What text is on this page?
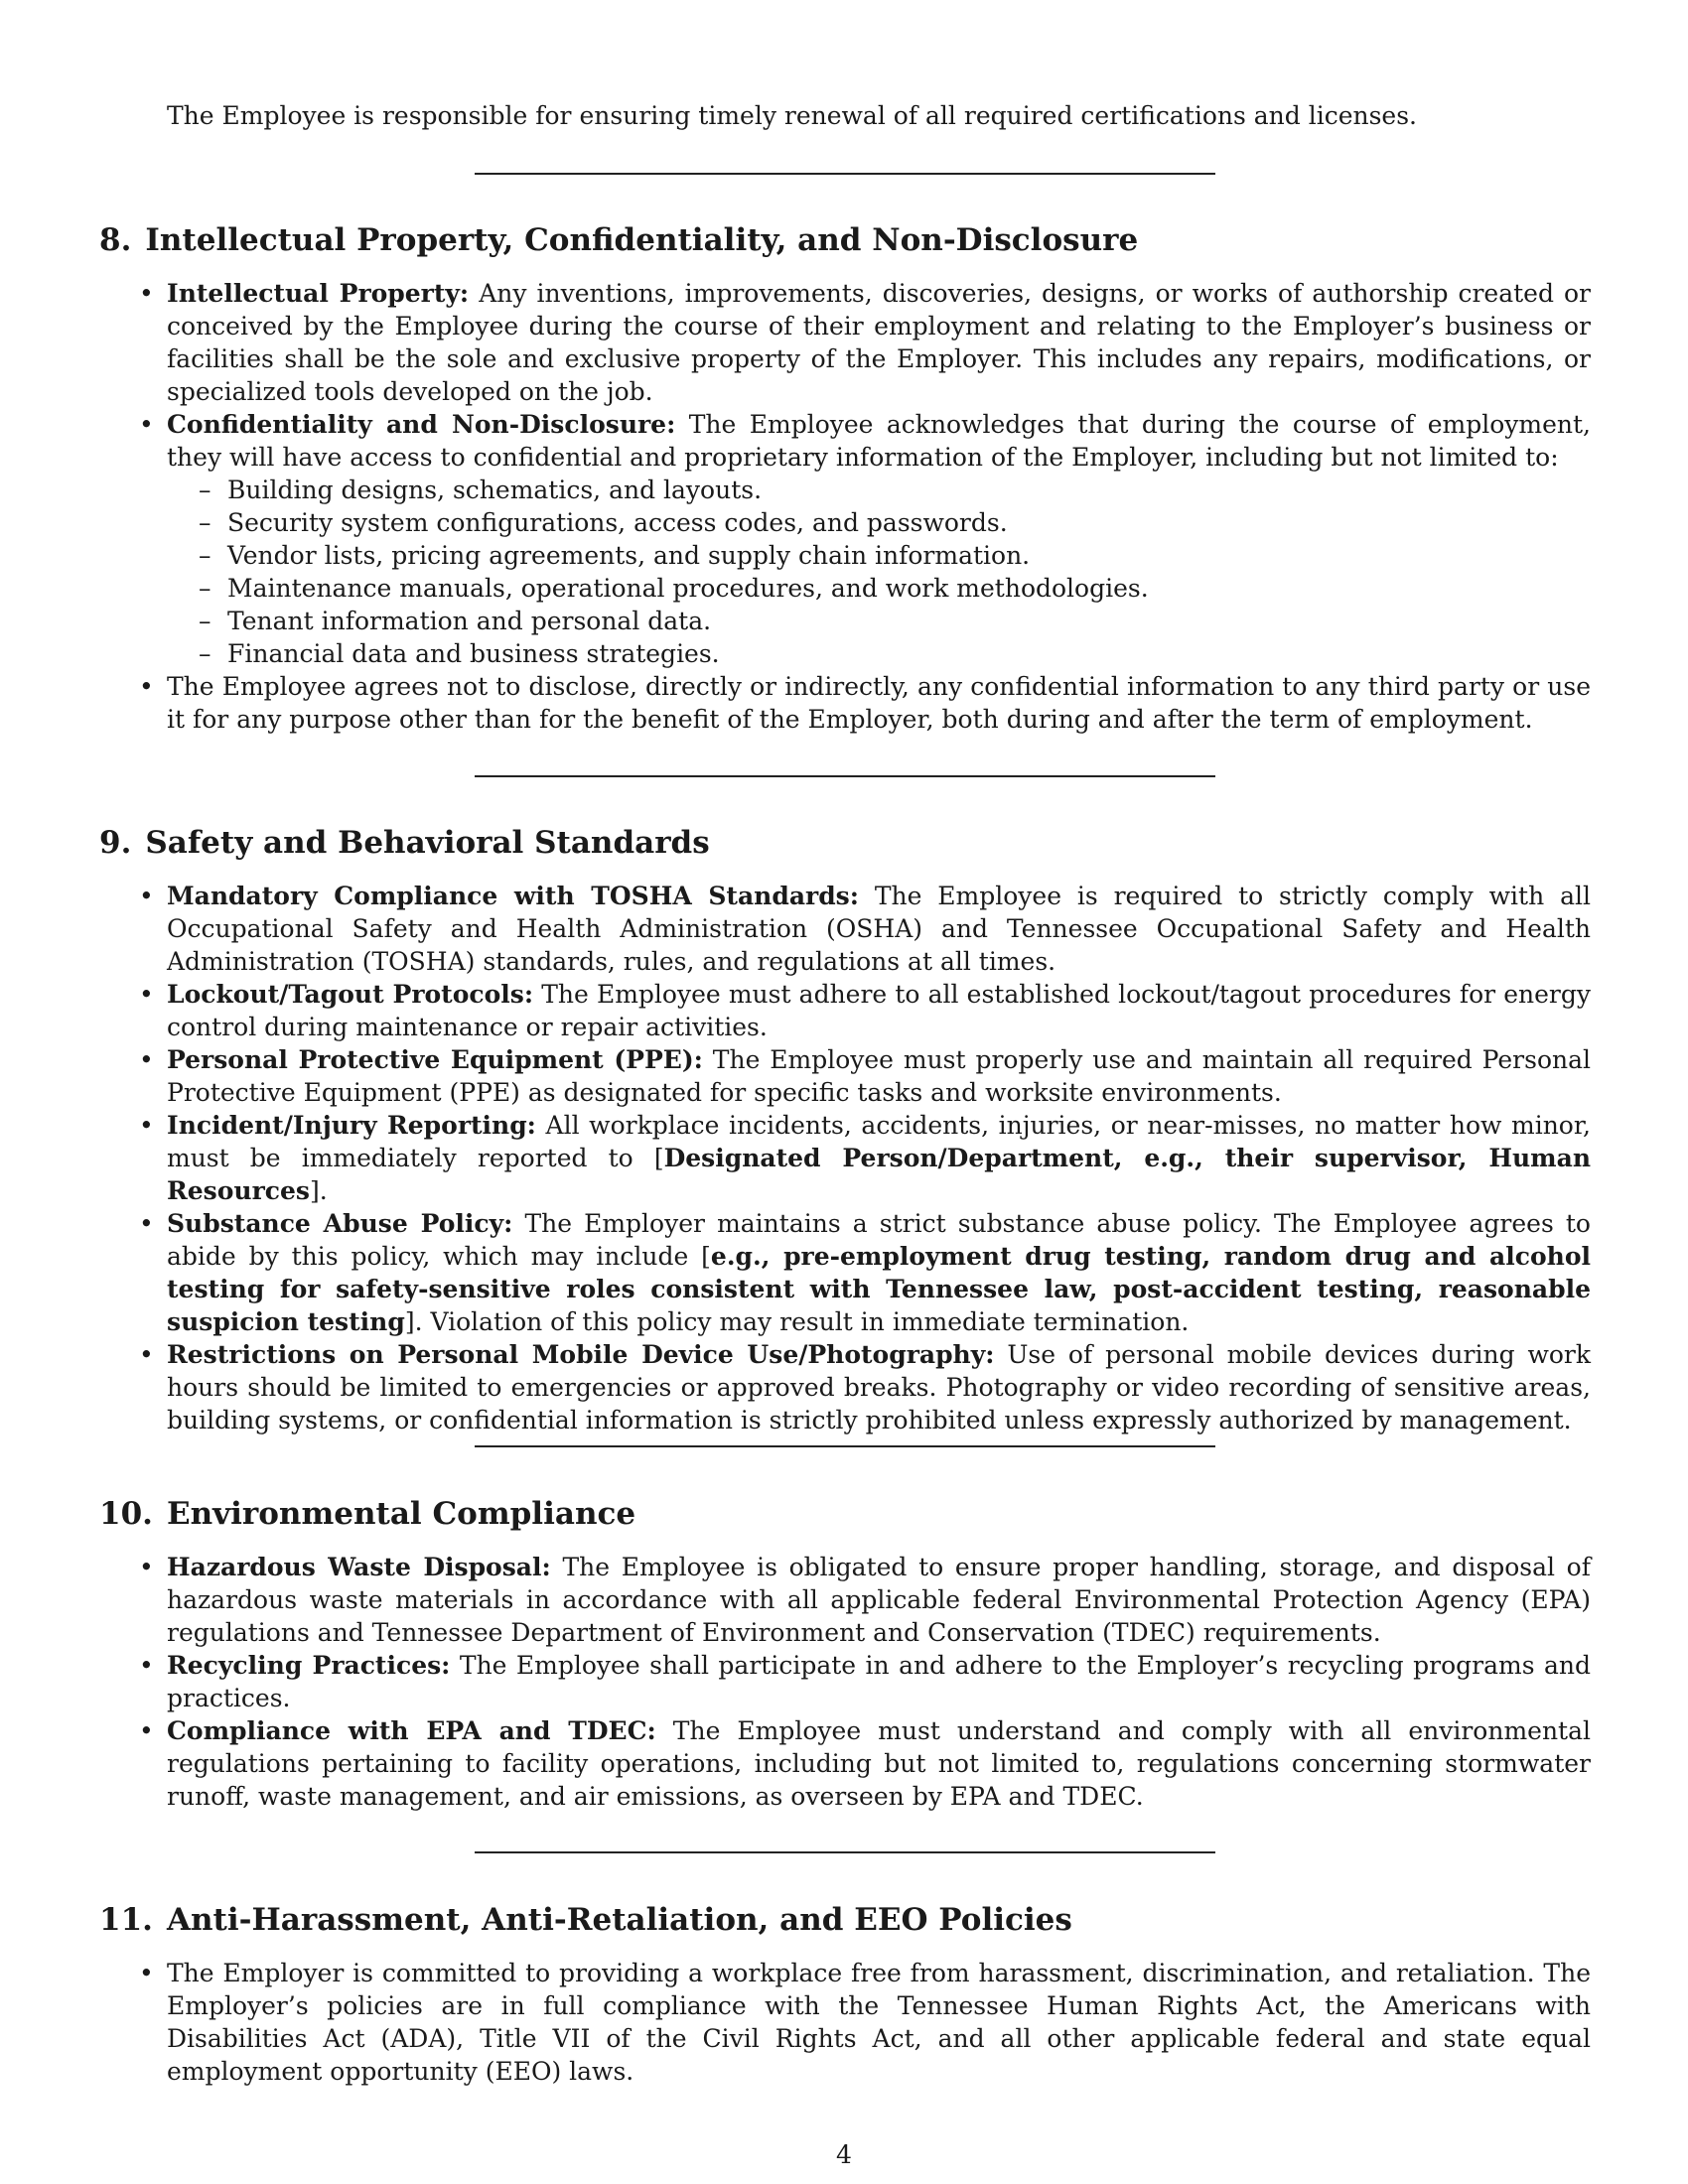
The Employee is responsible for ensuring timely renewal of all required certifications and licenses.

8. Intellectual Property, Confidentiality, and Non-Disclosure
• Intellectual Property: Any inventions, improvements, discoveries, designs, or works of authorship created or conceived by the Employee during the course of their employment and relating to the Employer’s business or facilities shall be the sole and exclusive property of the Employer. This includes any repairs, modifications, or specialized tools developed on the job.
• Confidentiality and Non-Disclosure: The Employee acknowledges that during the course of employment, they will have access to confidential and proprietary information of the Employer, including but not limited to:
– Building designs, schematics, and layouts.
– Security system configurations, access codes, and passwords.
– Vendor lists, pricing agreements, and supply chain information.
– Maintenance manuals, operational procedures, and work methodologies.
– Tenant information and personal data.
– Financial data and business strategies.
• The Employee agrees not to disclose, directly or indirectly, any confidential information to any third party or use it for any purpose other than for the benefit of the Employer, both during and after the term of employment.
9. Safety and Behavioral Standards
• Mandatory Compliance with TOSHA Standards: The Employee is required to strictly comply with all Occupational Safety and Health Administration (OSHA) and Tennessee Occupational Safety and Health Administration (TOSHA) standards, rules, and regulations at all times.
• Lockout/Tagout Protocols: The Employee must adhere to all established lockout/tagout procedures for energy control during maintenance or repair activities.
• Personal Protective Equipment (PPE): The Employee must properly use and maintain all required Personal Protective Equipment (PPE) as designated for specific tasks and worksite environments.
• Incident/Injury Reporting: All workplace incidents, accidents, injuries, or near-misses, no matter how minor, must be immediately reported to [Designated Person/Department, e.g., their supervisor, Human Resources].
• Substance Abuse Policy: The Employer maintains a strict substance abuse policy. The Employee agrees to abide by this policy, which may include [e.g., pre-employment drug testing, random drug and alcohol testing for safety-sensitive roles consistent with Tennessee law, post-accident testing, reasonable suspicion testing]. Violation of this policy may result in immediate termination.
• Restrictions on Personal Mobile Device Use/Photography: Use of personal mobile devices during work hours should be limited to emergencies or approved breaks. Photography or video recording of sensitive areas, building systems, or confidential information is strictly prohibited unless expressly authorized by management.
10. Environmental Compliance
• Hazardous Waste Disposal: The Employee is obligated to ensure proper handling, storage, and disposal of hazardous waste materials in accordance with all applicable federal Environmental Protection Agency (EPA) regulations and Tennessee Department of Environment and Conservation (TDEC) requirements.
• Recycling Practices: The Employee shall participate in and adhere to the Employer’s recycling programs and practices.
• Compliance with EPA and TDEC: The Employee must understand and comply with all environmental regulations pertaining to facility operations, including but not limited to, regulations concerning stormwater runoff, waste management, and air emissions, as overseen by EPA and TDEC.
11. Anti-Harassment, Anti-Retaliation, and EEO Policies
• The Employer is committed to providing a workplace free from harassment, discrimination, and retaliation. The Employer’s policies are in full compliance with the Tennessee Human Rights Act, the Americans with Disabilities Act (ADA), Title VII of the Civil Rights Act, and all other applicable federal and state equal employment opportunity (EEO) laws.
4
